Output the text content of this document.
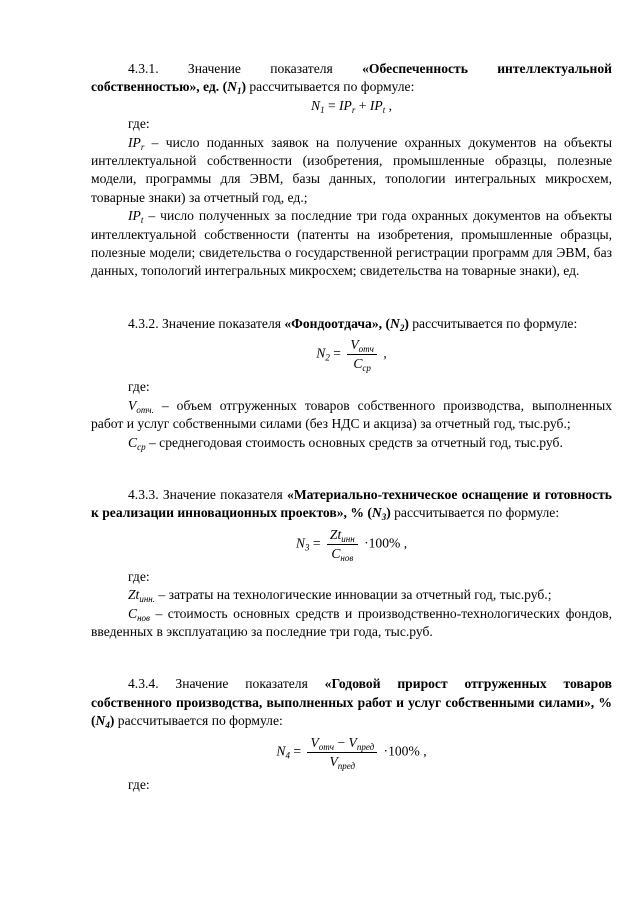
4.3.1. Значение показателя «Обеспеченность интеллектуальной собственностью», ед. $(N_1)$ рассчитывается по формуле:

$N_1 = IP_r + IP_t$ ,

где:

$IP_r$ – число поданных заявок на получение охранных документов на объекты интеллектуальной собственности (изобретения, промышленные образцы, полезные модели, программы для ЭВМ, базы данных, топологии интегральных микросхем, товарные знаки) за отчетный год, ед.;

$IP_t$ – число полученных за последние три года охранных документов на объекты интеллектуальной собственности (патенты на изобретения, промышленные образцы, полезные модели; свидетельства о государственной регистрации программ для ЭВМ, баз данных, топологий интегральных микросхем; свидетельства на товарные знаки), ед.

4.3.2. Значение показателя «Фондоотдача», $(N_2)$ рассчитывается по формуле:

$N_2 = \frac{V_{отч}}{C_{ср}}$ ,

где:

$V_{отч.}$ – объем отгруженных товаров собственного производства, выполненных работ и услуг собственными силами (без НДС и акциза) за отчетный год, тыс.руб.;

$C_{ср}$ – среднегодовая стоимость основных средств за отчетный год, тыс.руб.

4.3.3. Значение показателя «Материально-техническое оснащение и готовность к реализации инновационных проектов», % $(N_3)$ рассчитывается по формуле:

$N_3 = \frac{Zt_{инн}}{C_{нов}} \cdot 100\%$ ,

где:

$Zt_{инн.}$ – затраты на технологические инновации за отчетный год, тыс.руб.;

$C_{нов}$ – стоимость основных средств и производственно-технологических фондов, введенных в эксплуатацию за последние три года, тыс.руб.

4.3.4. Значение показателя «Годовой прирост отгруженных товаров собственного производства, выполненных работ и услуг собственными силами», % $(N_4)$ рассчитывается по формуле:

$N_4 = \frac{V_{отч} - V_{пред}}{V_{пред}} \cdot 100\%$ ,

где:
